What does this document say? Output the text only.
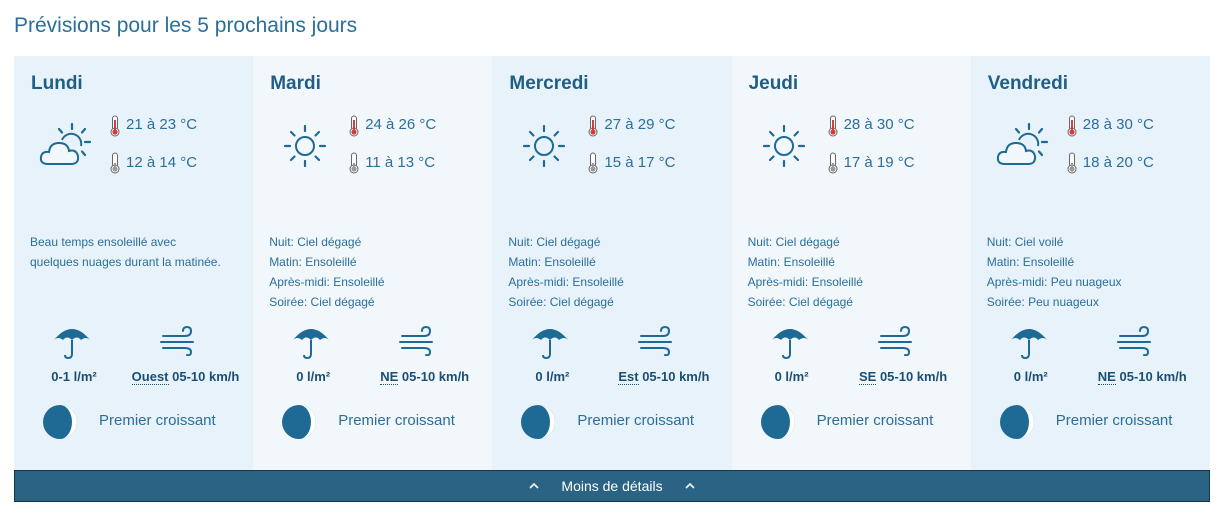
Prévisions pour les 5 prochains jours
Lundi
21 à 23 °C
12 à 14 °C
Beau temps ensoleillé avec
quelques nuages durant la matinée.
0-1 l/m²	Ouest 05-10 km/h
Premier croissant
Mardi
24 à 26 °C
11 à 13 °C
Nuit: Ciel dégagé
Matin: Ensoleillé
Après-midi: Ensoleillé
Soirée: Ciel dégagé
0 l/m²	NE 05-10 km/h
Premier croissant
Mercredi
27 à 29 °C
15 à 17 °C
Nuit: Ciel dégagé
Matin: Ensoleillé
Après-midi: Ensoleillé
Soirée: Ciel dégagé
0 l/m²	Est 05-10 km/h
Premier croissant
Jeudi
28 à 30 °C
17 à 19 °C
Nuit: Ciel dégagé
Matin: Ensoleillé
Après-midi: Ensoleillé
Soirée: Ciel dégagé
0 l/m²	SE 05-10 km/h
Premier croissant
Vendredi
28 à 30 °C
18 à 20 °C
Nuit: Ciel voilé
Matin: Ensoleillé
Après-midi: Peu nuageux
Soirée: Peu nuageux
0 l/m²	NE 05-10 km/h
Premier croissant
Moins de détails
